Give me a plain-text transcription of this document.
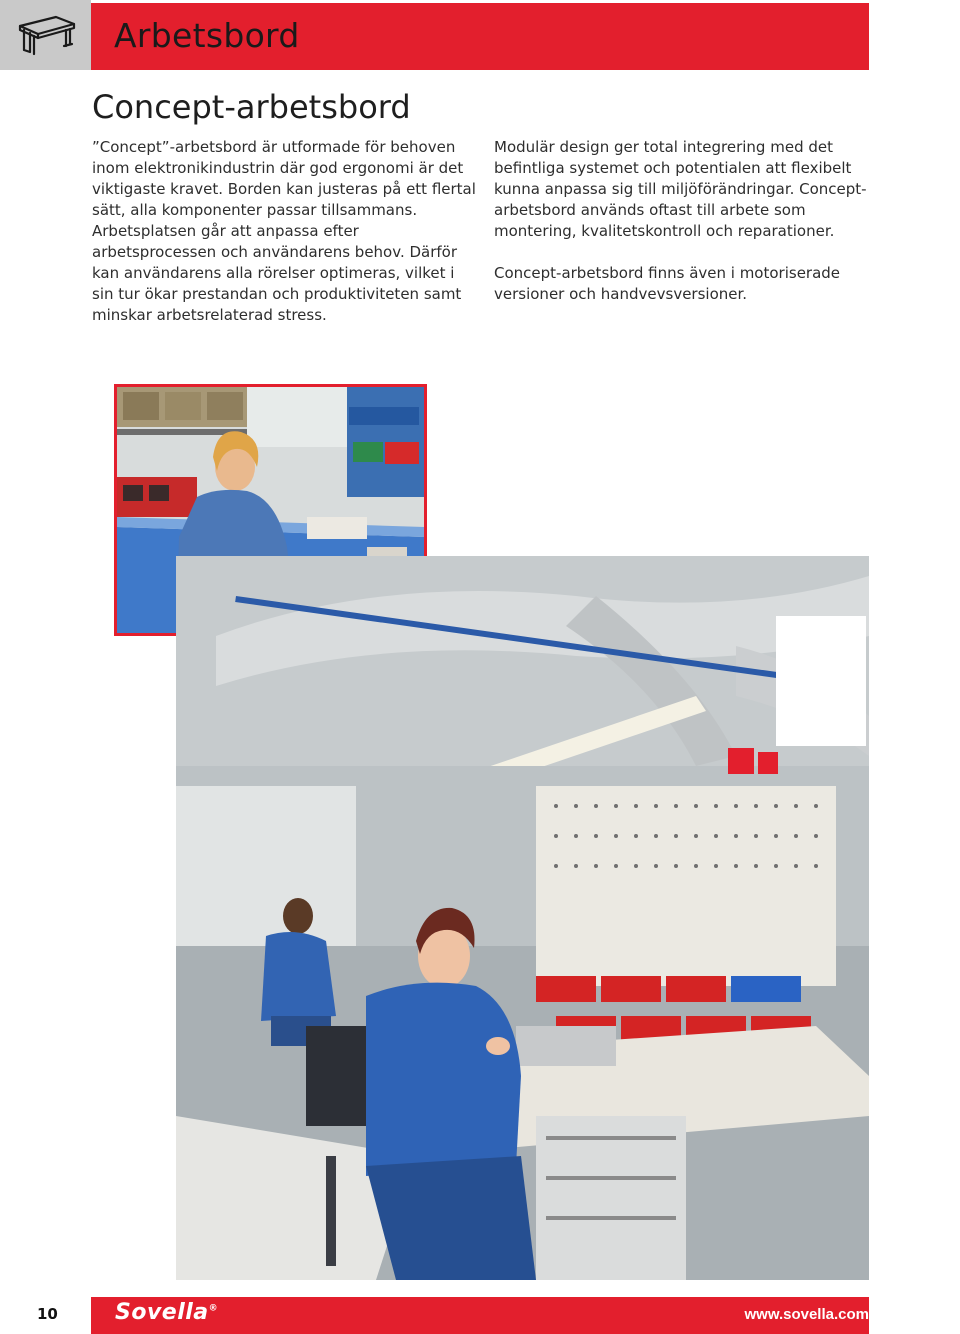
Arbetsbord
Concept-arbetsbord

”Concept”-arbetsbord är utformade för behoven inom elektronikindustrin där god ergonomi är det viktigaste kravet. Borden kan justeras på ett flertal sätt, alla komponenter passar tillsammans. Arbetsplatsen går att anpassa efter arbetsprocessen och användarens behov. Därför kan användarens alla rörelser optimeras, vilket i sin tur ökar prestandan och produktiviteten samt minskar arbetsrelaterad stress.

Modulär design ger total integrering med det befintliga systemet och potentialen att flexibelt kunna anpassa sig till miljöförändringar. Concept-arbetsbord används oftast till arbete som montering, kvalitetskontroll och reparationer.

Concept-arbetsbord finns även i motoriserade versioner och handvevsversioner.

10	Sovella®	www.sovella.com
